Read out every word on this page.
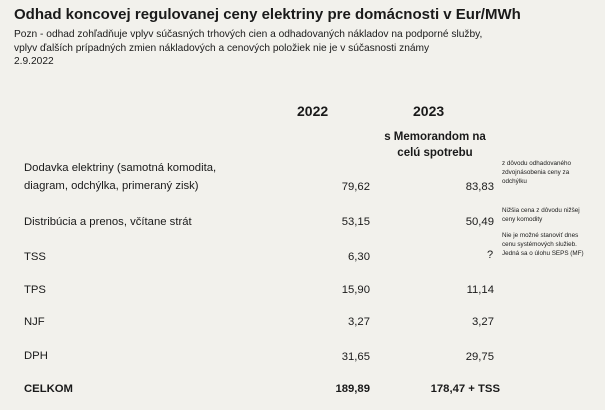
Odhad koncovej regulovanej ceny elektriny pre domácnosti v Eur/MWh
Pozn - odhad zohľadňuje vplyv súčasných trhových cien a odhadovaných nákladov na podporné služby,
vplyv ďalších prípadných zmien nákladových a cenových položiek nie je v súčasnosti známy
2.9.2022
2022	2023
s Memorandom na
celú spotrebu
Dodavka elektriny (samotná komodita,
diagram, odchýlka, primeraný zisk)	79,62	83,83
z dôvodu odhadovaného
zdvojnásobenia ceny za
odchýlku
Distribúcia a prenos, včítane strát	53,15	50,49
Nižšia cena z dôvodu nižšej
ceny komodity
TSS	6,30	?
Nie je možné stanoviť dnes
cenu systémových služieb.
Jedná sa o úlohu SEPS (MF)
TPS	15,90	11,14
NJF	3,27	3,27
DPH	31,65	29,75
CELKOM	189,89	178,47 + TSS
